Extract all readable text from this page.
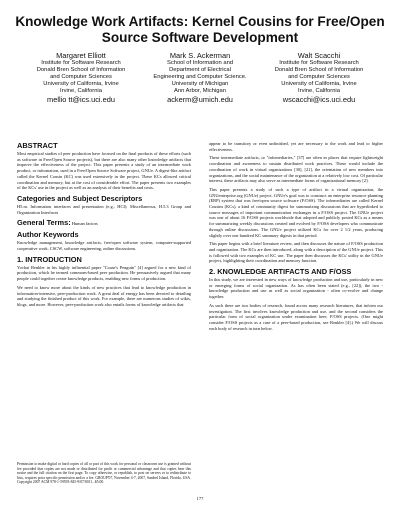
Knowledge Work Artifacts: Kernel Cousins for Free/Open
Source Software Development
Margaret Elliott
Institute for Software Research
Donald Bren School of Information
and Computer Sciences
University of California, Irvine
Irvine, California
mellio tt@ics.uci.edu
Mark S. Ackerman
School of Information and
Department of Electrical
Engineering and Computer Science.
University of Michigan
Ann Arbor, Michigan
ackerm@umich.edu
Walt Scacchi
Institute for Software Research
Donald Bren School of Information
and Computer Sciences
University of California, Irvine
Irvine, California
wscacchi@ics.uci.edu
ABSTRACT
Most empirical studies of peer production have focused on the final products of these efforts (such as software in Free/Open Source projects), but there are also many other knowledge artifacts that improve the effectiveness of the project. This paper presents a study of an intermediate work product, or information, used in a Free/Open Source Software project, GNUe. A digest-like artifact called the Kernel Cousin (KC) was used extensively in the project. These KCs allowed critical coordination and memory, but at the cost of considerable effort. The paper presents two examples of the KCs' use in the project as well as an analysis of their benefits and costs.
Categories and Subject Descriptors
H5.m. Information interfaces and presentation (e.g., HCI): Miscellaneous, H.5.3 Group and Organization Interfaces
General Terms: Human factors
Author Keywords
Knowledge management, knowledge artifacts, free/open software system, computer-supported cooperative work, CSCW, software engineering, online discussions.
1. INTRODUCTION
Yochai Benkler in his highly influential paper "Coase's Penguin" [4] argued for a new kind of production, which he termed commons-based peer production. He persuasively argued that many people could together create knowledge products, enabling new forms of production.
We need to know more about the kinds of new practices that lead to knowledge production in information-intensive, peer-production work. A great deal of energy has been devoted to detailing and studying the finished product of this work. For example, there are numerous studies of wikis, blogs, and more. However, peer-production work also entails forms of knowledge artifacts that
Permission to make digital or hard copies of all or part of this work for personal or classroom use is granted without fee provided that copies are not made or distributed for profit or commercial advantage and that copies bear this notice and the full citation on the first page. To copy otherwise, or republish, to post on servers or to redistribute to lists, requires prior specific permission and/or a fee. GROUP'07, November 4-7, 2007, Sanibel Island, Florida, USA. Copyright 2007 ACM 978-1-59593-845-9/07/0011...$5.00.
appear to be transitory or even unfinished, yet are necessary to the work and lead to higher effectiveness.
These intermediate artifacts, or "infomediaries," [37] are often in places that require lightweight coordination and awareness to sustain distributed work practices. These would include the coordination of work in virtual organizations [30], [21], the orientation of new members into organizations, and the social maintenance of the organization at a relatively low cost. Of particular interest, these artifacts may also serve as intermediate forms of organizational memory [2].
This paper presents a study of such a type of artifact in a virtual organization, the GNUenterprise.org (GNUe) project. GNUe's goal was to construct an enterprise resource planning (ERP) system that was free/open source software (F/OSS). The infomediaries are called Kernel Cousins (KCs), a kind of community digest for summarizing discussions that are hyperlinked to source messages of important communication exchanges in a F/OSS project. The GNUe project was one of about 16 F/OSS projects worldwide that adopted and publicly posted KCs as a means for summarizing weekly discussions created and evolved by F/OSS developers who communicate through online discussions. The GNUe project utilized KCs for over 2 1/2 years, producing slightly over one hundred KC summary digests in that period.
This paper begins with a brief literature review, and then discusses the nature of F/OSS production and organization. The KCs are then introduced, along with a description of the GNUe project. This is followed with two examples of KC use. The paper then discusses the KCs' utility in the GNUe project, highlighting their coordination and memory function.
2. KNOWLEDGE ARTIFACTS AND F/OSS
In this study, we are interested in new ways of knowledge production and use, particularly in new or emerging forms of social organization. As has often been stated (e.g., [22]), the two - knowledge production and use as well as social organization - often co-evolve and change together.
As such there are two bodies of research, found across many research literatures, that inform our investigation. The first involves knowledge production and use, and the second considers the particular form of social organization under examination here, F/OSS projects. (One might consider F/OSS projects as a case of a peer-based production, see Benkler [4].) We will discuss each body of research in turn below.
177
